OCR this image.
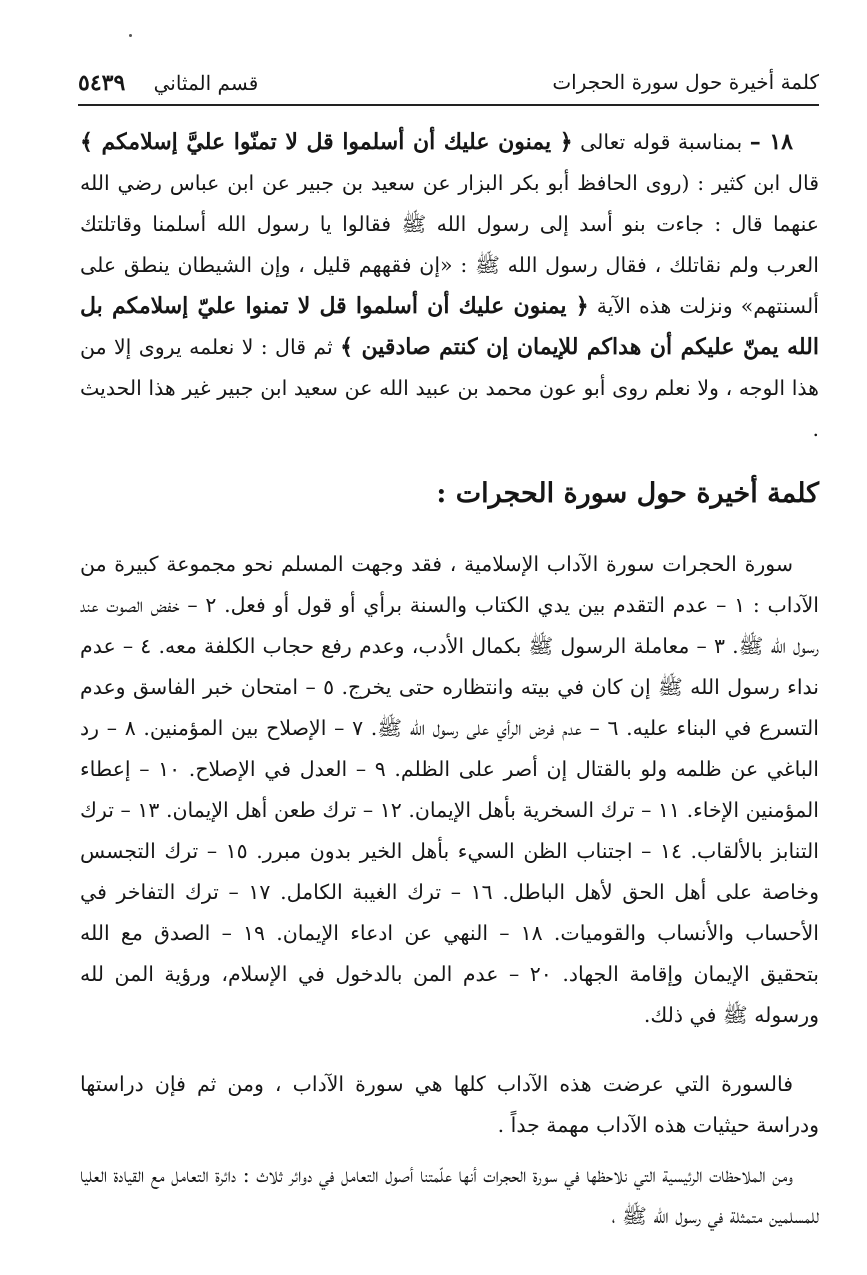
كلمة أخيرة حول سورة الحجرات
قسم المثاني ٥٤٣٩

١٨ – بمناسبة قوله تعالى ﴿ يمنون عليك أن أسلموا قل لا تمنّوا عليَّ إسلامكم ﴾ قال ابن كثير : (روى الحافظ أبو بكر البزار عن سعيد بن جبير عن ابن عباس رضي الله عنهما قال : جاءت بنو أسد إلى رسول الله ﷺ فقالوا يا رسول الله أسلمنا وقاتلتك العرب ولم نقاتلك ، فقال رسول الله ﷺ : «إن فقههم قليل ، وإن الشيطان ينطق على ألسنتهم» ونزلت هذه الآية ﴿ يمنون عليك أن أسلموا قل لا تمنوا عليّ إسلامكم بل الله يمنّ عليكم أن هداكم للإيمان إن كنتم صادقين ﴾ ثم قال : لا نعلمه يروى إلا من هذا الوجه ، ولا نعلم روى أبو عون محمد بن عبيد الله عن سعيد ابن جبير غير هذا الحديث .

كلمة أخيرة حول سورة الحجرات :

سورة الحجرات سورة الآداب الإسلامية ، فقد وجهت المسلم نحو مجموعة كبيرة من الآداب : ١ – عدم التقدم بين يدي الكتاب والسنة برأي أو قول أو فعل. ٢ – خفض الصوت عند رسول الله ﷺ. ٣ – معاملة الرسول ﷺ بكمال الأدب، وعدم رفع حجاب الكلفة معه. ٤ – عدم نداء رسول الله ﷺ إن كان في بيته وانتظاره حتى يخرج. ٥ – امتحان خبر الفاسق وعدم التسرع في البناء عليه. ٦ – عدم فرض الرأي على رسول الله ﷺ. ٧ – الإصلاح بين المؤمنين. ٨ – رد الباغي عن ظلمه ولو بالقتال إن أصر على الظلم. ٩ – العدل في الإصلاح. ١٠ – إعطاء المؤمنين الإخاء. ١١ – ترك السخرية بأهل الإيمان. ١٢ – ترك طعن أهل الإيمان. ١٣ – ترك التنابز بالألقاب. ١٤ – اجتناب الظن السيء بأهل الخير بدون مبرر. ١٥ – ترك التجسس وخاصة على أهل الحق لأهل الباطل. ١٦ – ترك الغيبة الكامل. ١٧ – ترك التفاخر في الأحساب والأنساب والقوميات. ١٨ – النهي عن ادعاء الإيمان. ١٩ – الصدق مع الله بتحقيق الإيمان وإقامة الجهاد. ٢٠ – عدم المن بالدخول في الإسلام، ورؤية المن لله ورسوله ﷺ في ذلك.

فالسورة التي عرضت هذه الآداب كلها هي سورة الآداب ، ومن ثم فإن دراستها ودراسة حيثيات هذه الآداب مهمة جداً .

ومن الملاحظات الرئيسية التي نلاحظها في سورة الحجرات أنها علّمتنا أصول التعامل في دوائر ثلاث : دائرة التعامل مع القيادة العليا للمسلمين متمثلة في رسول الله ﷺ ،
